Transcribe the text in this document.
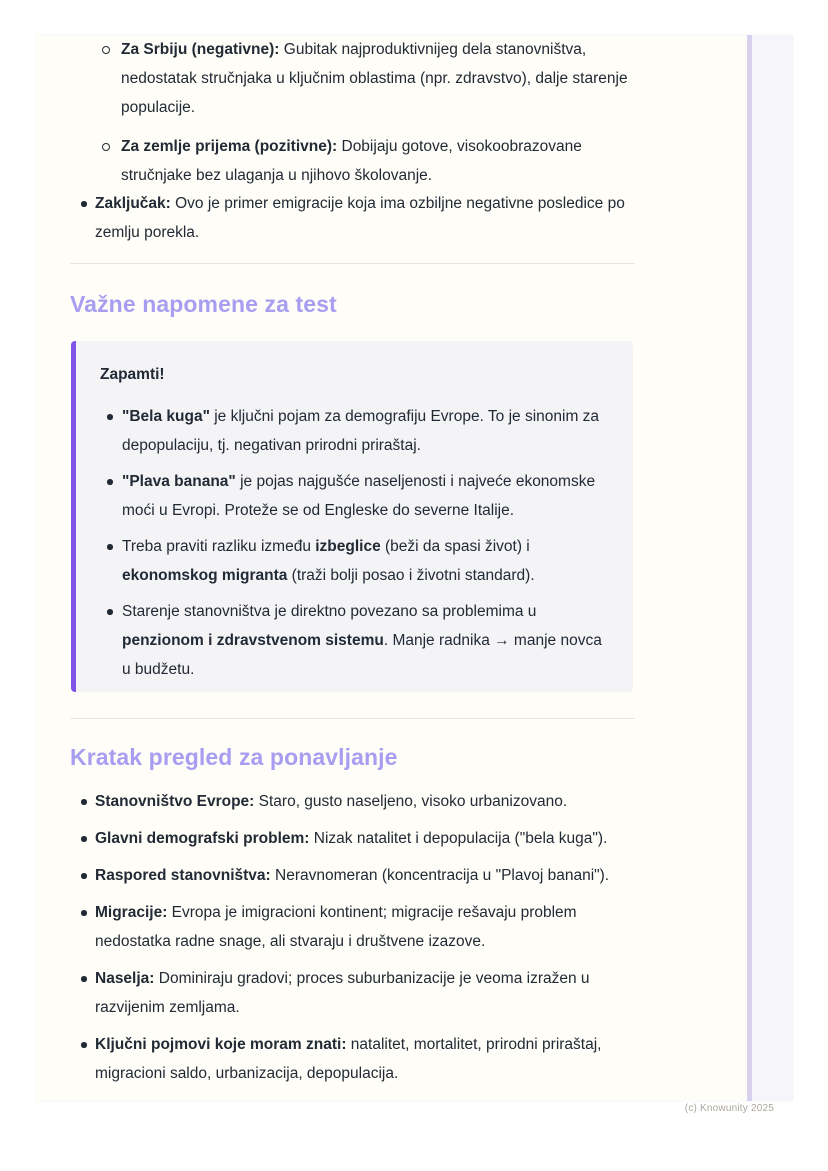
Za Srbiju (negativne): Gubitak najproduktivnijeg dela stanovništva, nedostatak stručnjaka u ključnim oblastima (npr. zdravstvo), dalje starenje populacije.
Za zemlje prijema (pozitivne): Dobijaju gotove, visokoobrazovane stručnjake bez ulaganja u njihovo školovanje.
Zaključak: Ovo je primer emigracije koja ima ozbiljne negativne posledice po zemlju porekla.
Važne napomene za test

Zapamti!

"Bela kuga" je ključni pojam za demografiju Evrope. To je sinonim za depopulaciju, tj. negativan prirodni priraštaj.
"Plava banana" je pojas najgušće naseljenosti i najveće ekonomske moći u Evropi. Proteže se od Engleske do severne Italije.
Treba praviti razliku između izbeglice (beži da spasi život) i ekonomskog migranta (traži bolji posao i životni standard).
Starenje stanovništva je direktno povezano sa problemima u penzionom i zdravstvenom sistemu. Manje radnika → manje novca u budžetu.
Kratak pregled za ponavljanje
Stanovništvo Evrope: Staro, gusto naseljeno, visoko urbanizovano.
Glavni demografski problem: Nizak natalitet i depopulacija ("bela kuga").
Raspored stanovništva: Neravnomeran (koncentracija u "Plavoj banani").
Migracije: Evropa je imigracioni kontinent; migracije rešavaju problem nedostatka radne snage, ali stvaraju i društvene izazove.
Naselja: Dominiraju gradovi; proces suburbanizacije je veoma izražen u razvijenim zemljama.
Ključni pojmovi koje moram znati: natalitet, mortalitet, prirodni priraštaj, migracioni saldo, urbanizacija, depopulacija.
(c) Knowunity 2025
